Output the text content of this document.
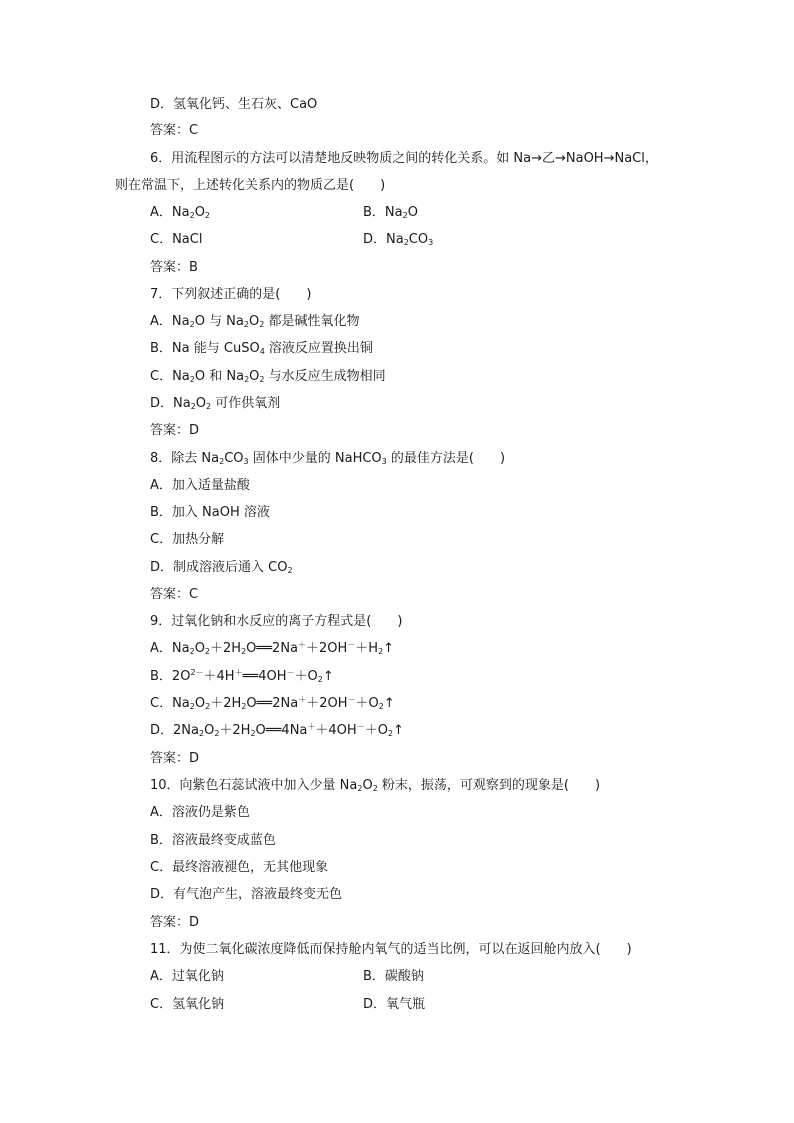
D．氢氧化钙、生石灰、CaO
答案：C
6．用流程图示的方法可以清楚地反映物质之间的转化关系。如 Na→乙→NaOH→NaCl，
则在常温下，上述转化关系内的物质乙是(　　)
A．$Na_2O_2$	B．$Na_2O$
C．NaCl	D．$Na_2CO_3$
答案：B
7．下列叙述正确的是(　　)
A．$Na_2O$ 与 $Na_2O_2$ 都是碱性氧化物
B．Na 能与 CuSO$_4$ 溶液反应置换出铜
C．$Na_2O$ 和 $Na_2O_2$ 与水反应生成物相同
D．$Na_2O_2$ 可作供氧剂
答案：D
8．除去 $Na_2CO_3$ 固体中少量的 NaHCO$_3$ 的最佳方法是(　　)
A．加入适量盐酸
B．加入 NaOH 溶液
C．加热分解
D．制成溶液后通入 $CO_2$
答案：C
9．过氧化钠和水反应的离子方程式是(　　)
A．$Na_2O_2+2H_2O══2Na^++2OH^-+H_2↑$
B．$2O^{2-}+4H^+══4OH^-+O_2↑$
C．$Na_2O_2+2H_2O══2Na^++2OH^-+O_2↑$
D．$2Na_2O_2+2H_2O══4Na^++4OH^-+O_2↑$
答案：D
10．向紫色石蕊试液中加入少量 $Na_2O_2$ 粉末，振荡，可观察到的现象是(　　)
A．溶液仍是紫色
B．溶液最终变成蓝色
C．最终溶液褪色，无其他现象
D．有气泡产生，溶液最终变无色
答案：D
11．为使二氧化碳浓度降低而保持舱内氧气的适当比例，可以在返回舱内放入(　　)
A．过氧化钠	B．碳酸钠
C．氢氧化钠	D．氧气瓶
